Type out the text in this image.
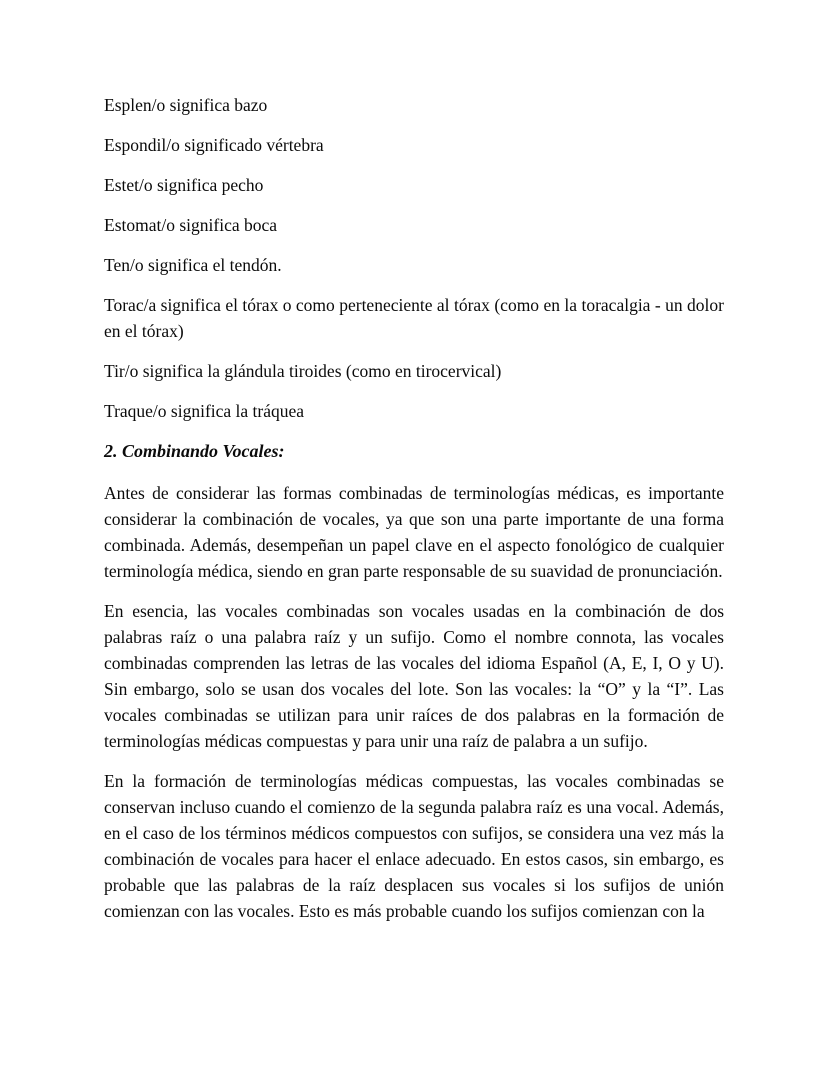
Esplen/o significa bazo

Espondil/o significado vértebra

Estet/o significa pecho

Estomat/o significa boca

Ten/o significa el tendón.

Torac/a significa el tórax o como perteneciente al tórax (como en la toracalgia - un dolor en el tórax)

Tir/o significa la glándula tiroides (como en tirocervical)

Traque/o significa la tráquea

2. Combinando Vocales:

Antes de considerar las formas combinadas de terminologías médicas, es importante considerar la combinación de vocales, ya que son una parte importante de una forma combinada. Además, desempeñan un papel clave en el aspecto fonológico de cualquier terminología médica, siendo en gran parte responsable de su suavidad de pronunciación.

En esencia, las vocales combinadas son vocales usadas en la combinación de dos palabras raíz o una palabra raíz y un sufijo. Como el nombre connota, las vocales combinadas comprenden las letras de las vocales del idioma Español (A, E, I, O y U). Sin embargo, solo se usan dos vocales del lote. Son las vocales: la “O” y la “I”. Las vocales combinadas se utilizan para unir raíces de dos palabras en la formación de terminologías médicas compuestas y para unir una raíz de palabra a un sufijo.

En la formación de terminologías médicas compuestas, las vocales combinadas se conservan incluso cuando el comienzo de la segunda palabra raíz es una vocal. Además, en el caso de los términos médicos compuestos con sufijos, se considera una vez más la combinación de vocales para hacer el enlace adecuado. En estos casos, sin embargo, es probable que las palabras de la raíz desplacen sus vocales si los sufijos de unión comienzan con las vocales. Esto es más probable cuando los sufijos comienzan con la
